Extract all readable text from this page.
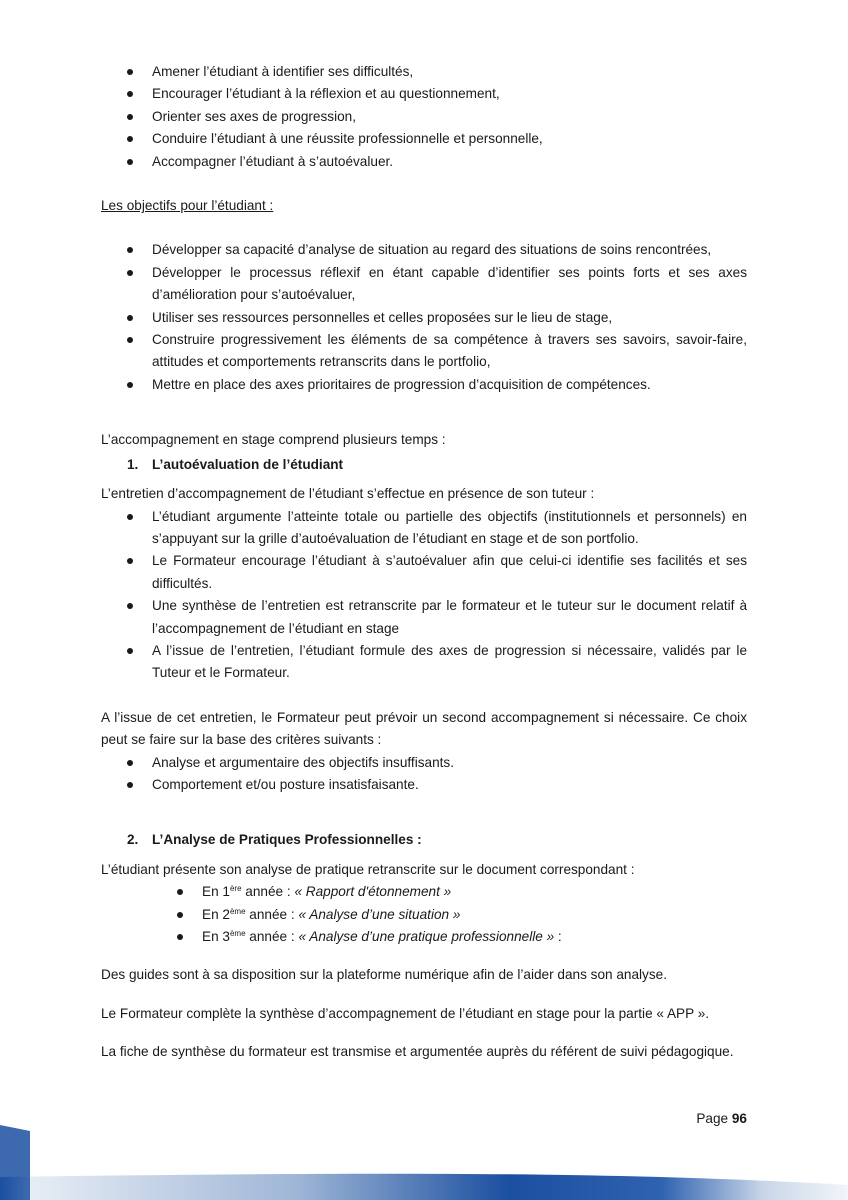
Amener l’étudiant à identifier ses difficultés,
Encourager l’étudiant à la réflexion et au questionnement,
Orienter ses axes de progression,
Conduire l’étudiant à une réussite professionnelle et personnelle,
Accompagner l’étudiant à s’autoévaluer.

Les objectifs pour l’étudiant :

Développer sa capacité d’analyse de situation au regard des situations de soins rencontrées,
Développer le processus réflexif en étant capable d’identifier ses points forts et ses axes d’amélioration pour s’autoévaluer,
Utiliser ses ressources personnelles et celles proposées sur le lieu de stage,
Construire progressivement les éléments de sa compétence à travers ses savoirs, savoir-faire, attitudes et comportements retranscrits dans le portfolio,
Mettre en place des axes prioritaires de progression d’acquisition de compétences.

L’accompagnement en stage comprend plusieurs temps :

1. L’autoévaluation de l’étudiant

L’entretien d’accompagnement de l’étudiant s’effectue en présence de son tuteur :

L’étudiant argumente l’atteinte totale ou partielle des objectifs (institutionnels et personnels) en s’appuyant sur la grille d’autoévaluation de l’étudiant en stage et de son portfolio.
Le Formateur encourage l’étudiant à s’autoévaluer afin que celui-ci identifie ses facilités et ses difficultés.
Une synthèse de l’entretien est retranscrite par le formateur et le tuteur sur le document relatif à l’accompagnement de l’étudiant en stage
A l’issue de l’entretien, l’étudiant formule des axes de progression si nécessaire, validés par le Tuteur et le Formateur.

A l’issue de cet entretien, le Formateur peut prévoir un second accompagnement si nécessaire. Ce choix peut se faire sur la base des critères suivants :

Analyse et argumentaire des objectifs insuffisants.
Comportement et/ou posture insatisfaisante.
2. L’Analyse de Pratiques Professionnelles :

L’étudiant présente son analyse de pratique retranscrite sur le document correspondant :

En 1ère année : « Rapport d'étonnement »
En 2ème année : « Analyse d’une situation »
En 3ème année : « Analyse d’une pratique professionnelle » :

Des guides sont à sa disposition sur la plateforme numérique afin de l’aider dans son analyse.

Le Formateur complète la synthèse d’accompagnement de l’étudiant en stage pour la partie « APP ».

La fiche de synthèse du formateur est transmise et argumentée auprès du référent de suivi pédagogique.

Page 96
